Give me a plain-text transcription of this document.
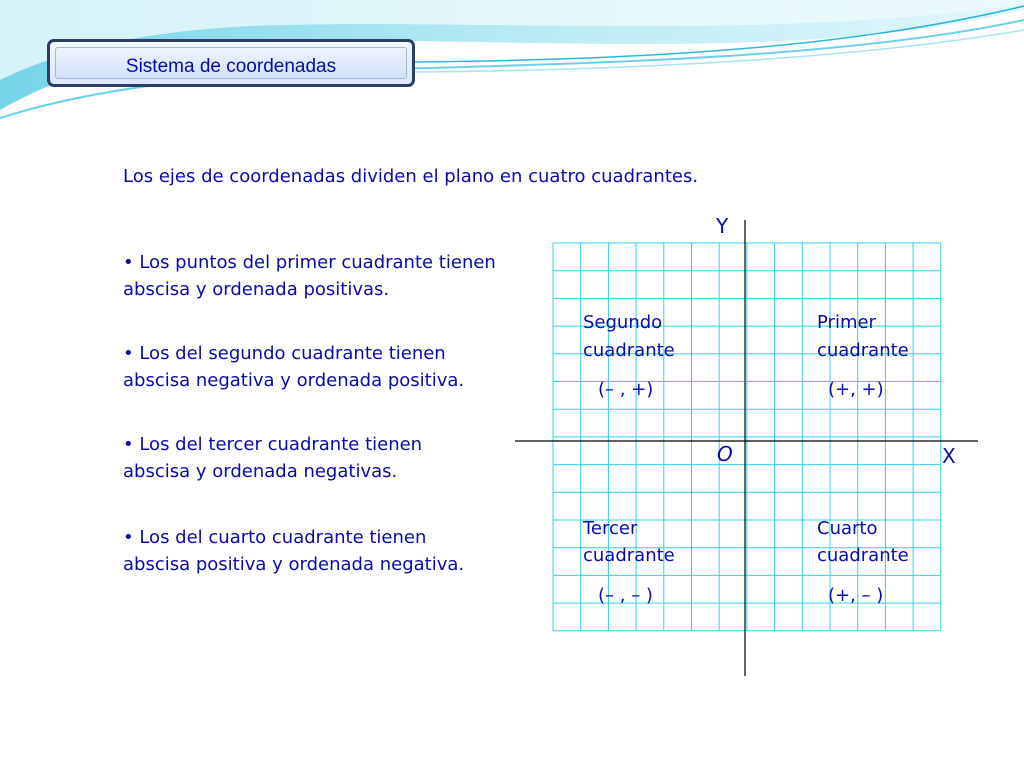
Sistema de coordenadas
Los ejes de coordenadas dividen el plano en cuatro cuadrantes.
• Los puntos del primer cuadrante tienen abscisa y ordenada positivas.
• Los del segundo cuadrante tienen abscisa negativa y ordenada positiva.
• Los del tercer cuadrante tienen abscisa y ordenada negativas.
• Los del cuarto cuadrante tienen abscisa positiva y ordenada negativa.
Y
X
O
Segundo
cuadrante
(– , +)
Primer
cuadrante
(+, +)
Tercer
cuadrante
(– , – )
Cuarto
cuadrante
(+, – )
